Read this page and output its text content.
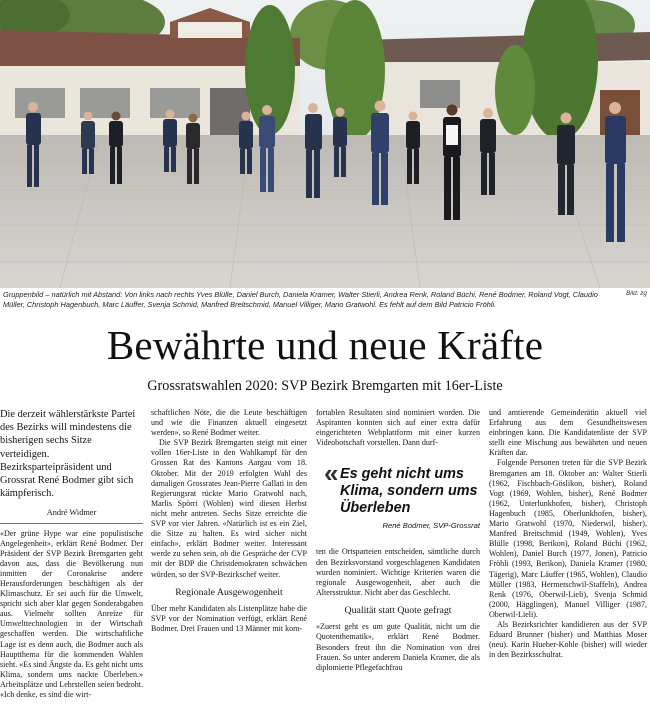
Gruppenbild – natürlich mit Abstand: Von links nach rechts Yves Blülle, Daniel Burch, Daniela Kramer, Walter Stierli, Andrea Renk, Roland Büchi, René Bodmer, Roland Vogt, Claudio Müller, Christoph Hagenbuch, Marc Läuffer, Svenja Schmid, Manfred Breitschmid, Manuel Villiger, Mario Gratwohl. Es fehlt auf dem Bild Patricio Fröhli.
Bild: zg
Bewährte und neue Kräfte
Grossratswahlen 2020: SVP Bezirk Bremgarten mit 16er-Liste

Die derzeit wählerstärkste Partei des Bezirks will mindestens die bisherigen sechs Sitze verteidigen. Bezirksparteipräsident und Grossrat René Bodmer gibt sich kämpferisch.

André Widmer

«Der grüne Hype war eine populistische Angelegenheit», erklärt René Bodmer. Der Präsident der SVP Bezirk Bremgarten geht davon aus, dass die Bevölkerung nun inmitten der Coronakrise andere Herausforderungen beschäftigen als der Klimaschutz. Er sei auch für die Umwelt, spricht sich aber klar gegen Sonderabgaben aus. Vielmehr sollten Anreize für Umwelttechnologien in der Wirtschaft geschaffen werden. Die wirtschaftliche Lage ist es denn auch, die Bodmer auch als Hauptthema für die kommenden Wahlen sieht. «Es sind Ängste da. Es geht nicht ums Klima, sondern ums nackte Überleben.» Arbeitsplätze und Lehrstellen seien bedroht. «Ich denke, es sind die wirt-

schaftlichen Nöte, die die Leute beschäftigen und wie die Finanzen aktuell eingesetzt werden», so René Bodmer weiter.

Die SVP Bezirk Bremgarten steigt mit einer vollen 16er-Liste in den Wahlkampf für den Grossen Rat des Kantons Aargau vom 18. Oktober. Mit der 2019 erfolgten Wahl des damaligen Grossrates Jean-Pierre Gallati in den Regierungsrat rückte Mario Gratwohl nach, Marlis Spörri (Wohlen) wird diesen Herbst nicht mehr antreten. Sechs Sitze erreichte die SVP vor vier Jahren. «Natürlich ist es ein Ziel, die Sitze zu halten. Es wird sicher nicht einfach», erklärt Bodmer weiter. Interessant werde zu sehen sein, ob die Gespräche der CVP mit der BDP die Christdemokraten schwächen würden, so der SVP-Bezirkschef weiter.

Regionale Ausgewogenheit

Über mehr Kandidaten als Listenplätze habe die SVP vor der Nomination verfügt, erklärt René Bodmer. Drei Frauen und 13 Männer mit kom-

fortablen Resultaten sind nominiert worden. Die Aspiranten konnten sich auf einer extra dafür eingerichteten Webplattform mit einer kurzen Videobotschaft vorstellen. Dann durf-

« Es geht nicht ums Klima, sondern ums Überleben
René Bodmer, SVP-Grossrat

ten die Ortsparteien entscheiden, sämtliche durch den Bezirksvorstand vorgeschlagenen Kandidaten wurden nominiert. Wichtige Kriterien waren die regionale Ausgewogenheit, aber auch die Altersstruktur. Nicht aber das Geschlecht.

Qualität statt Quote gefragt

«Zuerst geht es um gute Qualität, nicht um die Quotenthematik», erklärt René Bodmer. Besonders freut ihn die Nomination von drei Frauen. So unter anderem Daniela Kramer, die als diplomierte Pflegefachfrau

und amtierende Gemeinderätin aktuell viel Erfahrung aus dem Gesundheitswesen einbringen kann. Die Kandidatenliste der SVP stellt eine Mischung aus bewährten und neuen Kräften dar.

Folgende Personen treten für die SVP Bezirk Bremgarten am 18. Oktober an: Walter Stierli (1962, Fischbach-Göslikon, bisher), Roland Vogt (1969, Wohlen, bisher), René Bodmer (1962, Unterlunkhofen, bisher), Christoph Hagenbuch (1985, Oberlunkhofen, bisher), Mario Gratwohl (1970, Niederwil, bisher), Manfred Breitschmid (1949, Wohlen), Yves Blülle (1998, Berikon), Roland Büchi (1962, Wohlen), Daniel Burch (1977, Jonen), Patricio Fröhli (1993, Berikon), Daniela Kramer (1980, Tägerig), Marc Läuffer (1965, Wohlen), Claudio Müller (1983, Hermetschwil-Staffeln), Andrea Renk (1976, Oberwil-Lieli), Svenja Schmid (2000, Hägglingen), Manuel Villiger (1987, Oberwil-Lieli).

Als Bezirksrichter kandidieren aus der SVP Eduard Brunner (bisher) und Matthias Moser (neu). Karin Hueber-Kohle (bisher) will wieder in den Bezirksschulrat.
